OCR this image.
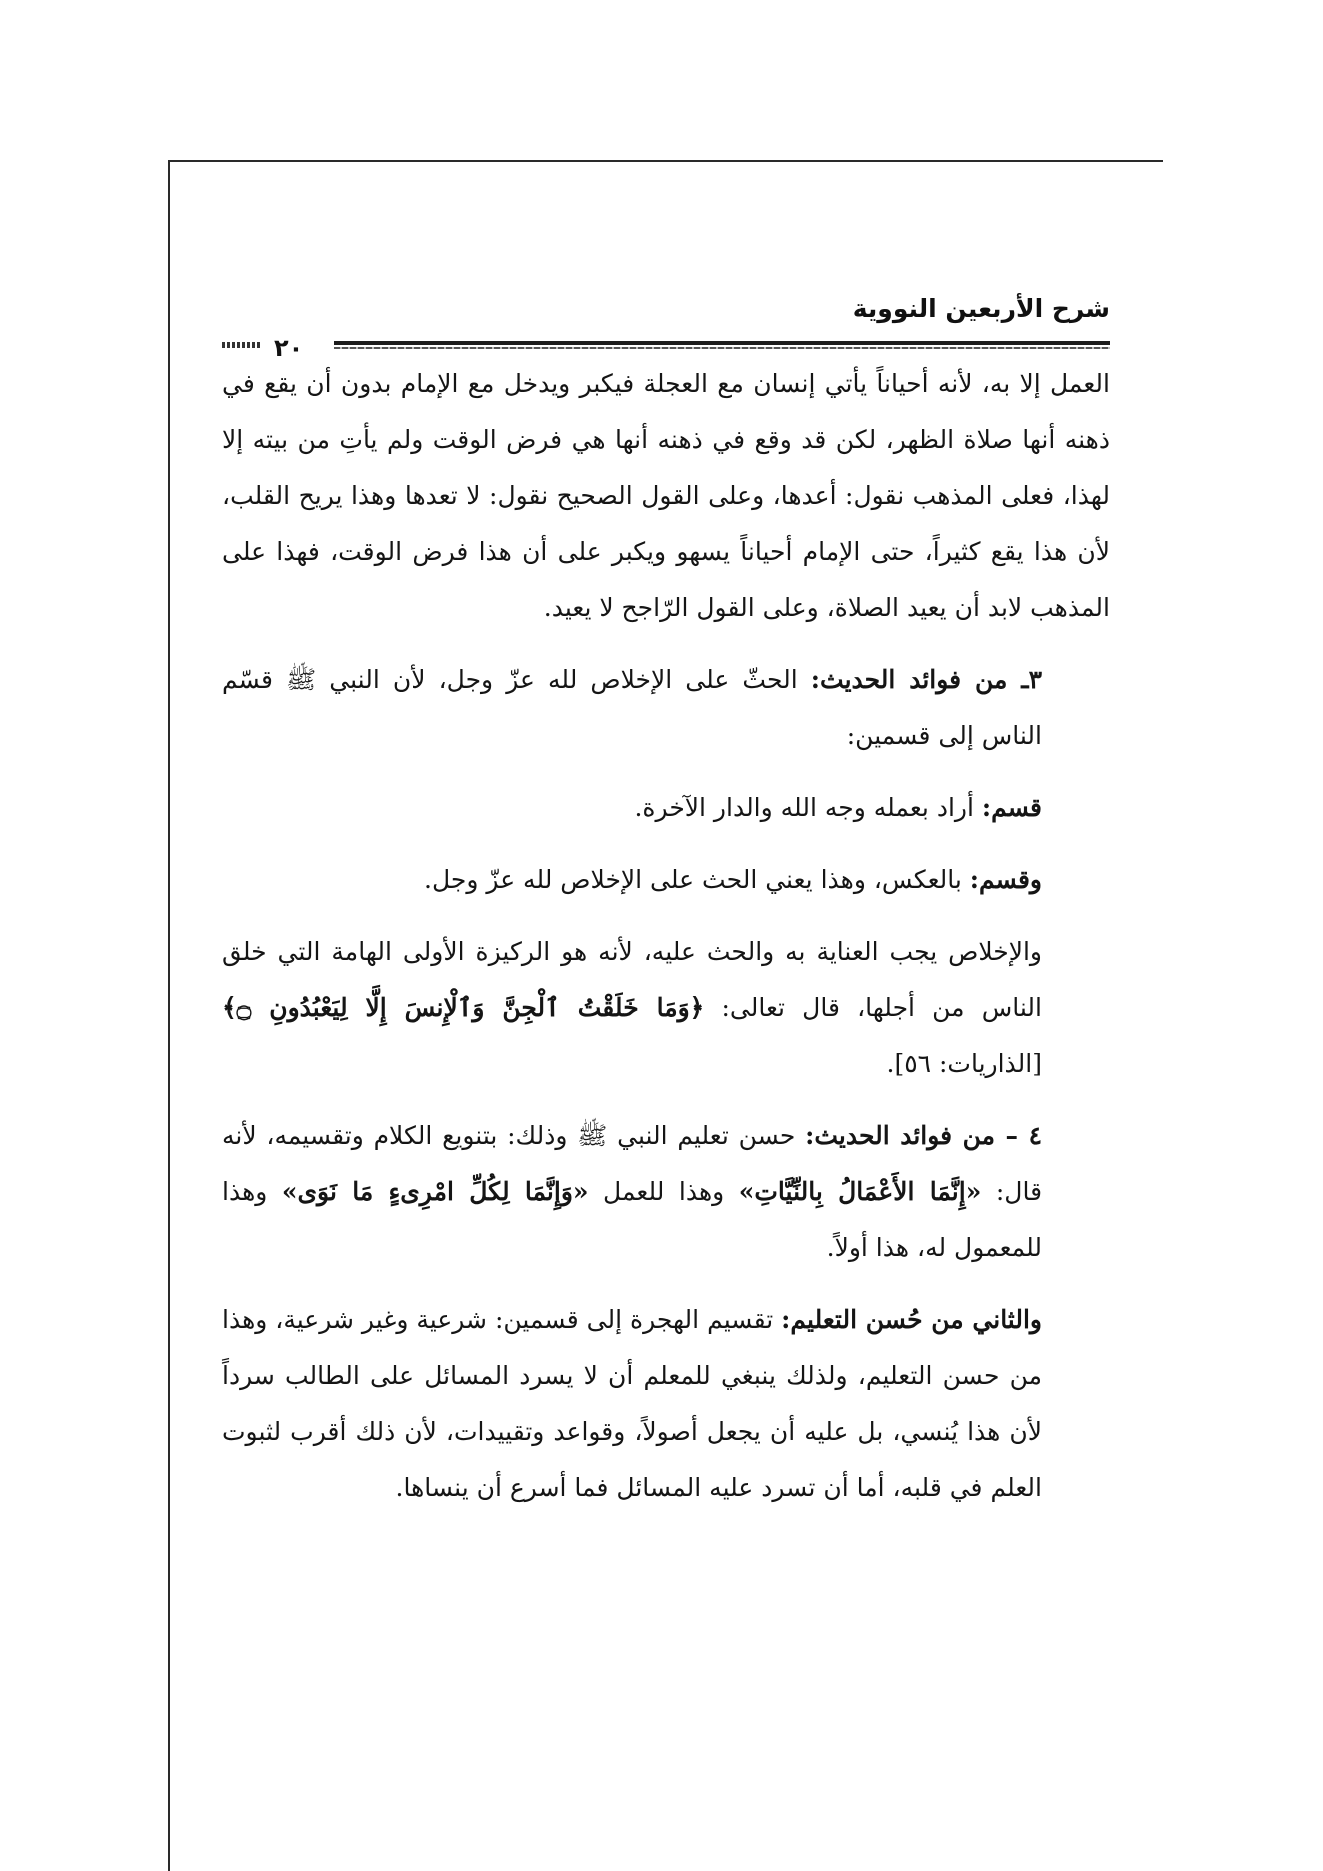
شرح الأربعين النووية
٢٠

العمل إلا به، لأنه أحياناً يأتي إنسان مع العجلة فيكبر ويدخل مع الإمام بدون أن يقع في ذهنه أنها صلاة الظهر، لكن قد وقع في ذهنه أنها هي فرض الوقت ولم يأتِ من بيته إلا لهذا، فعلى المذهب نقول: أعدها، وعلى القول الصحيح نقول: لا تعدها وهذا يريح القلب، لأن هذا يقع كثيراً، حتى الإمام أحياناً يسهو ويكبر على أن هذا فرض الوقت، فهذا على المذهب لابد أن يعيد الصلاة، وعلى القول الرّاجح لا يعيد.

٣ـ من فوائد الحديث: الحثّ على الإخلاص لله عزّ وجل، لأن النبي ﷺ قسّم الناس إلى قسمين:

قسم: أراد بعمله وجه الله والدار الآخرة.

وقسم: بالعكس، وهذا يعني الحث على الإخلاص لله عزّ وجل.

والإخلاص يجب العناية به والحث عليه، لأنه هو الركيزة الأولى الهامة التي خلق الناس من أجلها، قال تعالى: ﴿وَمَا خَلَقْتُ ٱلْجِنَّ وَٱلْإِنسَ إِلَّا لِيَعْبُدُونِ ۝﴾ [الذاريات: ٥٦].

٤ – من فوائد الحديث: حسن تعليم النبي ﷺ وذلك: بتنويع الكلام وتقسيمه، لأنه قال: «إِنَّمَا الأَعْمَالُ بِالنِّيَّاتِ» وهذا للعمل «وَإِنَّمَا لِكُلِّ امْرِىءٍ مَا نَوَى» وهذا للمعمول له، هذا أولاً.

والثاني من حُسن التعليم: تقسيم الهجرة إلى قسمين: شرعية وغير شرعية، وهذا من حسن التعليم، ولذلك ينبغي للمعلم أن لا يسرد المسائل على الطالب سرداً لأن هذا يُنسي، بل عليه أن يجعل أصولاً، وقواعد وتقييدات، لأن ذلك أقرب لثبوت العلم في قلبه، أما أن تسرد عليه المسائل فما أسرع أن ينساها.
